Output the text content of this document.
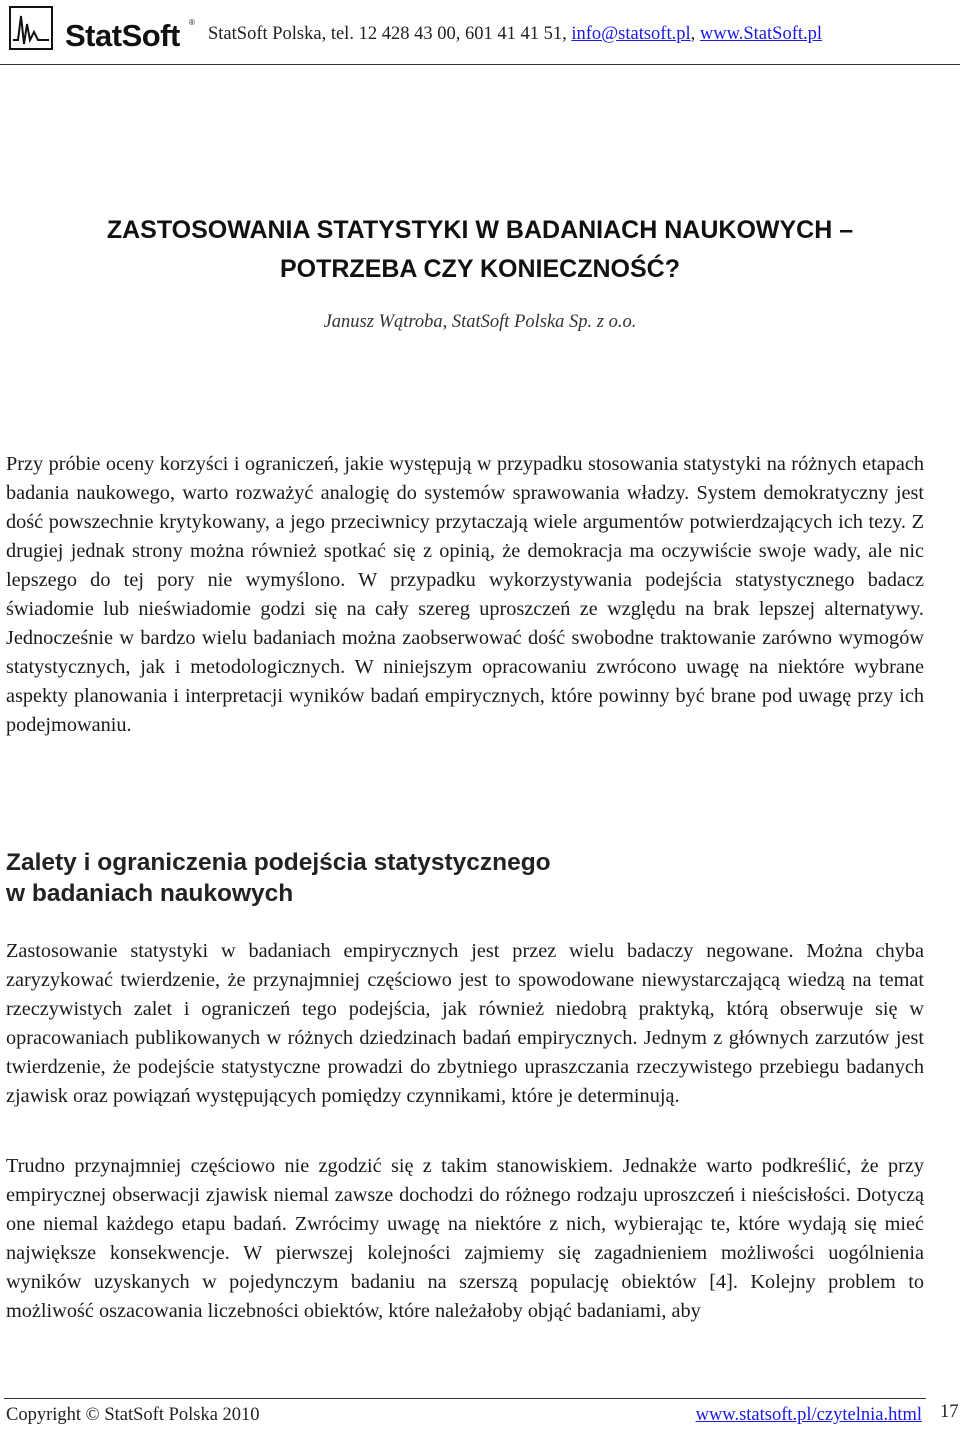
StatSoft ®
StatSoft Polska, tel. 12 428 43 00, 601 41 41 51, info@statsoft.pl, www.StatSoft.pl
ZASTOSOWANIA STATYSTYKI W BADANIACH NAUKOWYCH –
POTRZEBA CZY KONIECZNOŚĆ?
Janusz Wątroba, StatSoft Polska Sp. z o.o.

Przy próbie oceny korzyści i ograniczeń, jakie występują w przypadku stosowania statystyki na różnych etapach badania naukowego, warto rozważyć analogię do systemów sprawowania władzy. System demokratyczny jest dość powszechnie krytykowany, a jego przeciwnicy przytaczają wiele argumentów potwierdzających ich tezy. Z drugiej jednak strony można również spotkać się z opinią, że demokracja ma oczywiście swoje wady, ale nic lepszego do tej pory nie wymyślono. W przypadku wykorzystywania podejścia statystycznego badacz świadomie lub nieświadomie godzi się na cały szereg uproszczeń ze względu na brak lepszej alternatywy. Jednocześnie w bardzo wielu badaniach można zaobserwować dość swobodne traktowanie zarówno wymogów statystycznych, jak i metodologicznych. W niniejszym opracowaniu zwrócono uwagę na niektóre wybrane aspekty planowania i interpretacji wyników badań empirycznych, które powinny być brane pod uwagę przy ich podejmowaniu.

Zalety i ograniczenia podejścia statystycznego
w badaniach naukowych

Zastosowanie statystyki w badaniach empirycznych jest przez wielu badaczy negowane. Można chyba zaryzykować twierdzenie, że przynajmniej częściowo jest to spowodowane niewystarczającą wiedzą na temat rzeczywistych zalet i ograniczeń tego podejścia, jak również niedobrą praktyką, którą obserwuje się w opracowaniach publikowanych w różnych dziedzinach badań empirycznych. Jednym z głównych zarzutów jest twierdzenie, że podejście statystyczne prowadzi do zbytniego upraszczania rzeczywistego przebiegu badanych zjawisk oraz powiązań występujących pomiędzy czynnikami, które je determinują.

Trudno przynajmniej częściowo nie zgodzić się z takim stanowiskiem. Jednakże warto podkreślić, że przy empirycznej obserwacji zjawisk niemal zawsze dochodzi do różnego rodzaju uproszczeń i nieścisłości. Dotyczą one niemal każdego etapu badań. Zwrócimy uwagę na niektóre z nich, wybierając te, które wydają się mieć największe konsekwencje. W pierwszej kolejności zajmiemy się zagadnieniem możliwości uogólnienia wyników uzyskanych w pojedynczym badaniu na szerszą populację obiektów [4]. Kolejny problem to możliwość oszacowania liczebności obiektów, które należałoby objąć badaniami, aby

Copyright © StatSoft Polska 2010	www.statsoft.pl/czytelnia.html 17
